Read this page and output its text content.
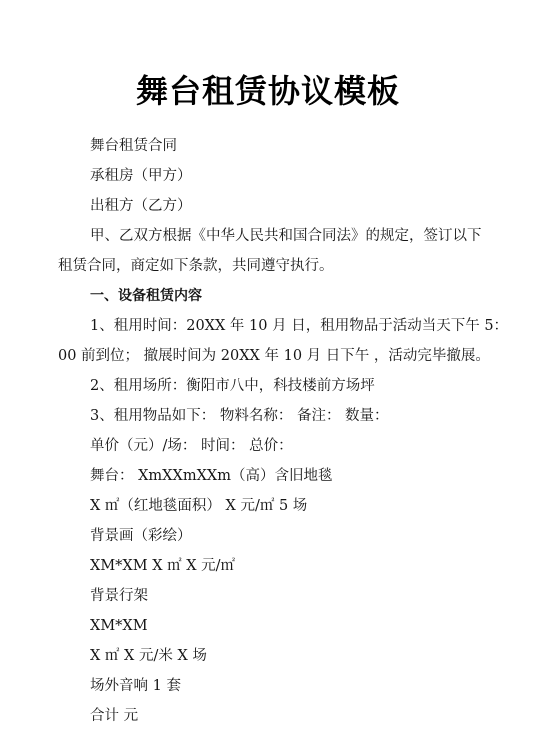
舞台租赁协议模板
舞台租赁合同
承租房（甲方）
出租方（乙方）
甲、乙双方根据《中华人民共和国合同法》的规定，签订以下
租赁合同，商定如下条款，共同遵守执行。
一、设备租赁内容
1、租用时间：20XX 年 10 月 日，租用物品于活动当天下午 5：
00 前到位； 撤展时间为 20XX 年 10 月 日下午 ，活动完毕撤展。
2、租用场所：衡阳市八中，科技楼前方场坪
3、租用物品如下： 物料名称： 备注： 数量：
单价（元）/场： 时间： 总价：
舞台： XmXXmXXm（高）含旧地毯
X ㎡（红地毯面积） X 元/㎡ 5 场
背景画（彩绘）
XM*XM X ㎡ X 元/㎡
背景行架
XM*XM
X ㎡ X 元/米 X 场
场外音响 1 套
合计 元
